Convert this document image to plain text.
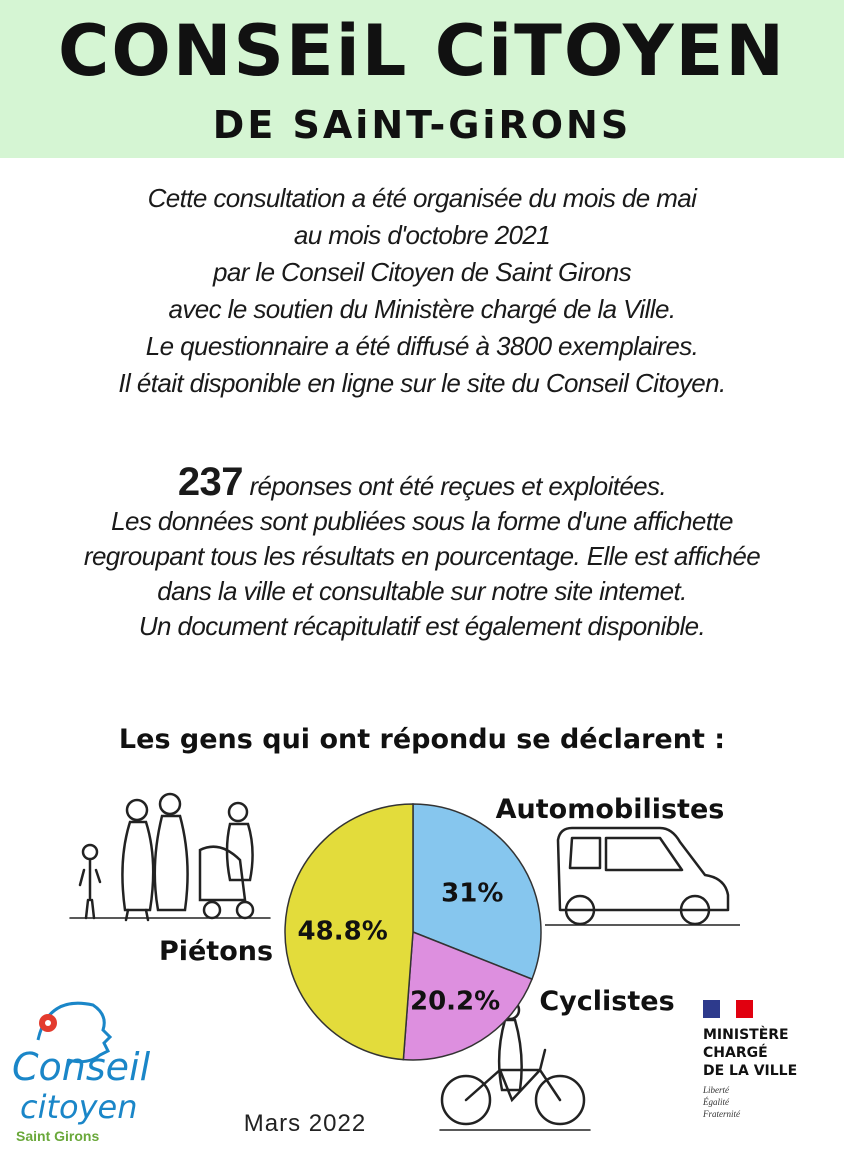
CONSEiL CiTOYEN
DE SAiNT-GiRONS

Cette consultation a été organisée du mois de mai

au mois d'octobre 2021

par le Conseil Citoyen de Saint Girons

avec le soutien du Ministère chargé de la Ville.

Le questionnaire a été diffusé à 3800 exemplaires.

Il était disponible en ligne sur le site du Conseil Citoyen.

237 réponses ont été reçues et exploitées.

Les données sont publiées sous la forme d'une affichette

regroupant tous les résultats en pourcentage. Elle est affichée

dans la ville et consultable sur notre site intemet.

Un document récapitulatif est également disponible.

Les gens qui ont répondu se déclarent :
31%
20.2%
48.8%
Automobilistes
Cyclistes
Piétons
Conseil
citoyen
Saint Girons	Mars 2022
MINISTÈRE
CHARGÉ
DE LA VILLE
Liberté
Égalité
Fraternité
